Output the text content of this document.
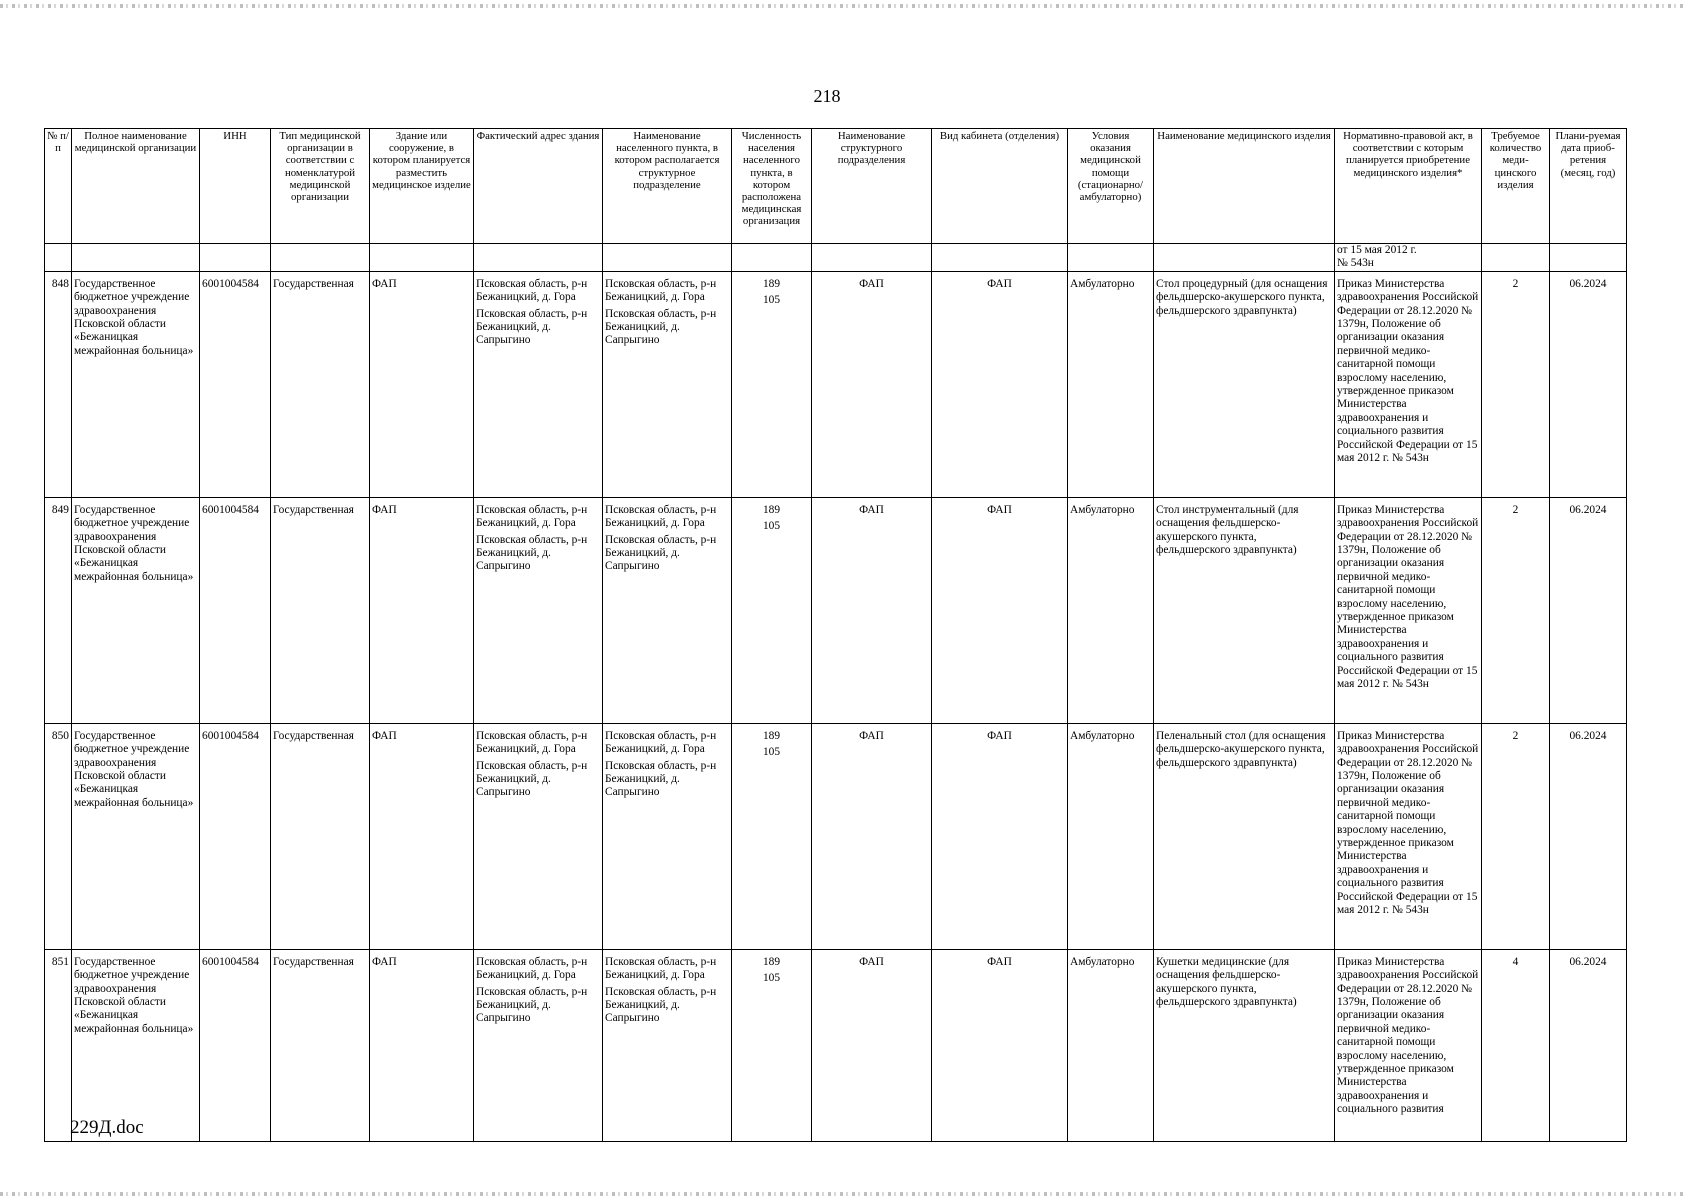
218
№ п/п	Полное наименование медицинской организации	ИНН	Тип медицинской организации в соответствии с номенклатурой медицинской организации	Здание или сооружение, в котором планируется разместить медицинское изделие	Фактический адрес здания	Наименование населенного пункта, в котором располагается структурное подразделение	Численность населения населенного пункта, в котором расположена медицинская организация	Наименование структурного подразделения	Вид кабинета (отделения)	Условия оказания медицинской помощи (стационарно/ амбулаторно)	Наименование медицинского изделия	Нормативно-правовой акт, в соответствии с которым планируется приобретение медицинского изделия*	Требуемое количество меди-цинского изделия	Плани-руемая дата приоб-ретения (месяц, год)

												от 15 мая 2012 г.
№ 543н		

848	Государственное бюджетное учреждение здравоохранения Псковской области «Бежаницкая межрайонная больница»	6001004584	Государственная	ФАП	Псковская область, р-н Бежаницкий, д. Гора
Псковская область, р-н Бежаницкий, д. Сапрыгино	Псковская область, р-н Бежаницкий, д. Гора
Псковская область, р-н Бежаницкий, д. Сапрыгино	189
105	ФАП	ФАП	Амбулаторно	Стол процедурный (для оснащения фельдшерско-акушерского пункта, фельдшерского здравпункта)	Приказ Министерства здравоохранения Российской Федерации от 28.12.2020 № 1379н, Положение об организации оказания первичной медико-санитарной помощи взрослому населению, утвержденное приказом Министерства здравоохранения и социального развития Российской Федерации от 15 мая 2012 г. № 543н	2	06.2024
849	Государственное бюджетное учреждение здравоохранения Псковской области «Бежаницкая межрайонная больница»	6001004584	Государственная	ФАП	Псковская область, р-н Бежаницкий, д. Гора
Псковская область, р-н Бежаницкий, д. Сапрыгино	Псковская область, р-н Бежаницкий, д. Гора
Псковская область, р-н Бежаницкий, д. Сапрыгино	189
105	ФАП	ФАП	Амбулаторно	Стол инструментальный (для оснащения фельдшерско-акушерского пункта, фельдшерского здравпункта)	Приказ Министерства здравоохранения Российской Федерации от 28.12.2020 № 1379н, Положение об организации оказания первичной медико-санитарной помощи взрослому населению, утвержденное приказом Министерства здравоохранения и социального развития Российской Федерации от 15 мая 2012 г. № 543н	2	06.2024
850	Государственное бюджетное учреждение здравоохранения Псковской области «Бежаницкая межрайонная больница»	6001004584	Государственная	ФАП	Псковская область, р-н Бежаницкий, д. Гора
Псковская область, р-н Бежаницкий, д. Сапрыгино	Псковская область, р-н Бежаницкий, д. Гора
Псковская область, р-н Бежаницкий, д. Сапрыгино	189
105	ФАП	ФАП	Амбулаторно	Пеленальный стол (для оснащения фельдшерско-акушерского пункта, фельдшерского здравпункта)	Приказ Министерства здравоохранения Российской Федерации от 28.12.2020 № 1379н, Положение об организации оказания первичной медико-санитарной помощи взрослому населению, утвержденное приказом Министерства здравоохранения и социального развития Российской Федерации от 15 мая 2012 г. № 543н	2	06.2024
851	Государственное бюджетное учреждение здравоохранения Псковской области «Бежаницкая межрайонная больница»	6001004584	Государственная	ФАП	Псковская область, р-н Бежаницкий, д. Гора
Псковская область, р-н Бежаницкий, д. Сапрыгино	Псковская область, р-н Бежаницкий, д. Гора
Псковская область, р-н Бежаницкий, д. Сапрыгино	189
105	ФАП	ФАП	Амбулаторно	Кушетки медицинские (для оснащения фельдшерско-акушерского пункта, фельдшерского здравпункта)	Приказ Министерства здравоохранения Российской Федерации от 28.12.2020 № 1379н, Положение об организации оказания первичной медико-санитарной помощи взрослому населению, утвержденное приказом Министерства здравоохранения и социального развития	4	06.2024
229Д.doc
